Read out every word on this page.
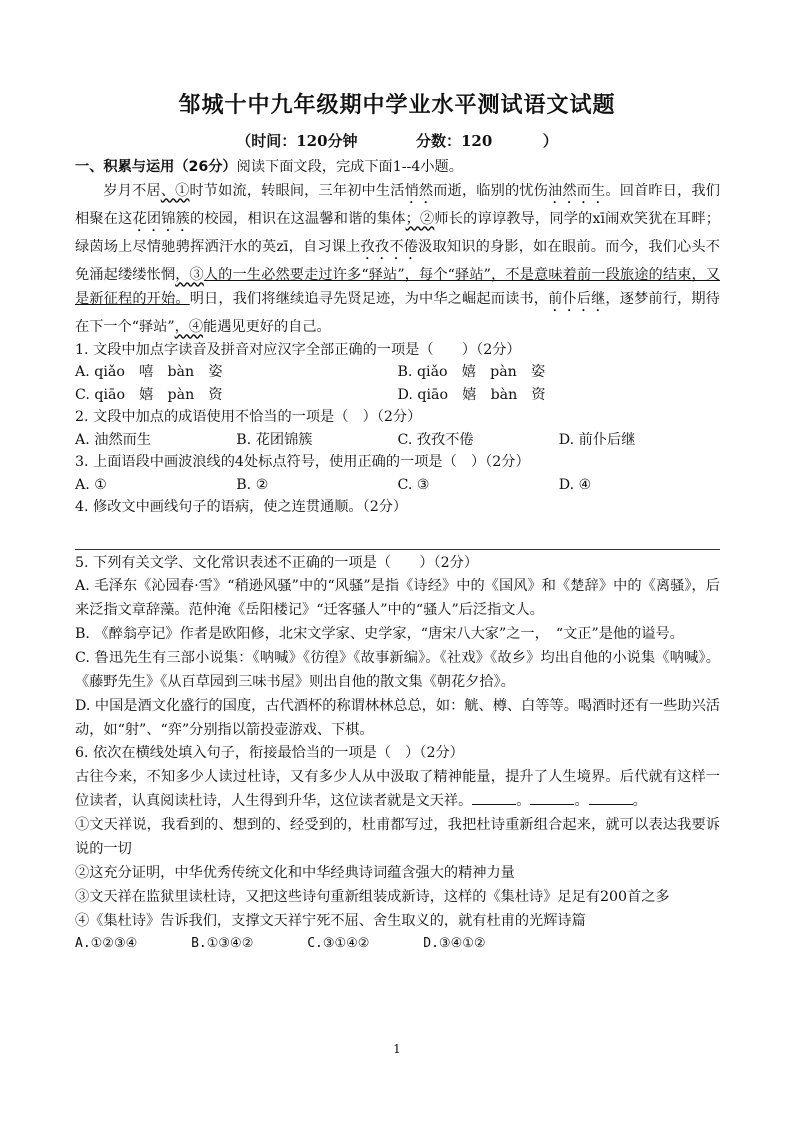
邹城十中九年级期中学业水平测试语文试题
（时间：120分钟	分数：120	）
一、积累与运用（26分）阅读下面文段，完成下面1--4小题。

岁月不居、①时节如流，转眼间，三年初中生活悄然而逝，临别的忧伤油然而生。回首昨日，我们相聚在这花团锦簇的校园，相识在这温馨和谐的集体；②师长的谆谆教导，同学的xī闹欢笑犹在耳畔；绿茵场上尽情驰骋挥洒汗水的英zī，自习课上孜孜不倦汲取知识的身影，如在眼前。而今，我们心头不免涌起缕缕怅惘，③人的一生必然要走过许多“驿站”，每个“驿站”，不是意味着前一段旅途的结束，又是新征程的开始。明日，我们将继续追寻先贤足迹，为中华之崛起而读书，前仆后继，逐梦前行，期待在下一个“驿站”，④能遇见更好的自己。

1. 文段中加点字读音及拼音对应汉字全部正确的一项是（　　）（2分）
A. qiǎo　嘻　bàn　姿	B. qiǎo　嬉　pàn　姿
C. qiāo　嬉　pàn　资	D. qiāo　嬉　bàn　资
2. 文段中加点的成语使用不恰当的一项是（　）（2分）
A. 油然而生	B. 花团锦簇	C. 孜孜不倦	D. 前仆后继
3. 上面语段中画波浪线的4处标点符号，使用正确的一项是（　）（2分）
A. ①	B. ②	C. ③	D. ④
4. 修改文中画线句子的语病，使之连贯通顺。（2分）
5. 下列有关文学、文化常识表述不正确的一项是（　　）（2分）

A. 毛泽东《沁园春·雪》“稍逊风骚”中的“风骚”是指《诗经》中的《国风》和《楚辞》中的《离骚》，后来泛指文章辞藻。范仲淹《岳阳楼记》“迁客骚人”中的“骚人”后泛指文人。

B. 《醉翁亭记》作者是欧阳修，北宋文学家、史学家，“唐宋八大家”之一，　“文正”是他的谥号。

C. 鲁迅先生有三部小说集：《呐喊》《彷徨》《故事新编》。《社戏》《故乡》均出自他的小说集《呐喊》。《藤野先生》《从百草园到三味书屋》则出自他的散文集《朝花夕拾》。

D. 中国是酒文化盛行的国度，古代酒杯的称谓林林总总，如：觥、樽、白等等。喝酒时还有一些助兴活动，如“射”、“弈”分别指以箭投壶游戏、下棋。

6. 依次在横线处填入句子，衔接最恰当的一项是（　）（2分）

古往今来，不知多少人读过杜诗，又有多少人从中汲取了精神能量，提升了人生境界。后代就有这样一位读者，认真阅读杜诗，人生得到升华，这位读者就是文天祥。	。	。	。

①文天祥说，我看到的、想到的、经受到的，杜甫都写过，我把杜诗重新组合起来，就可以表达我要诉说的一切

②这充分证明，中华优秀传统文化和中华经典诗词蕴含强大的精神力量

③文天祥在监狱里读杜诗，又把这些诗句重新组装成新诗，这样的《集杜诗》足足有200首之多

④《集杜诗》告诉我们，支撑文天祥宁死不屈、舍生取义的，就有杜甫的光辉诗篇

A.①②③④	B.①③④②	C.③①④②	D.③④①②
1
